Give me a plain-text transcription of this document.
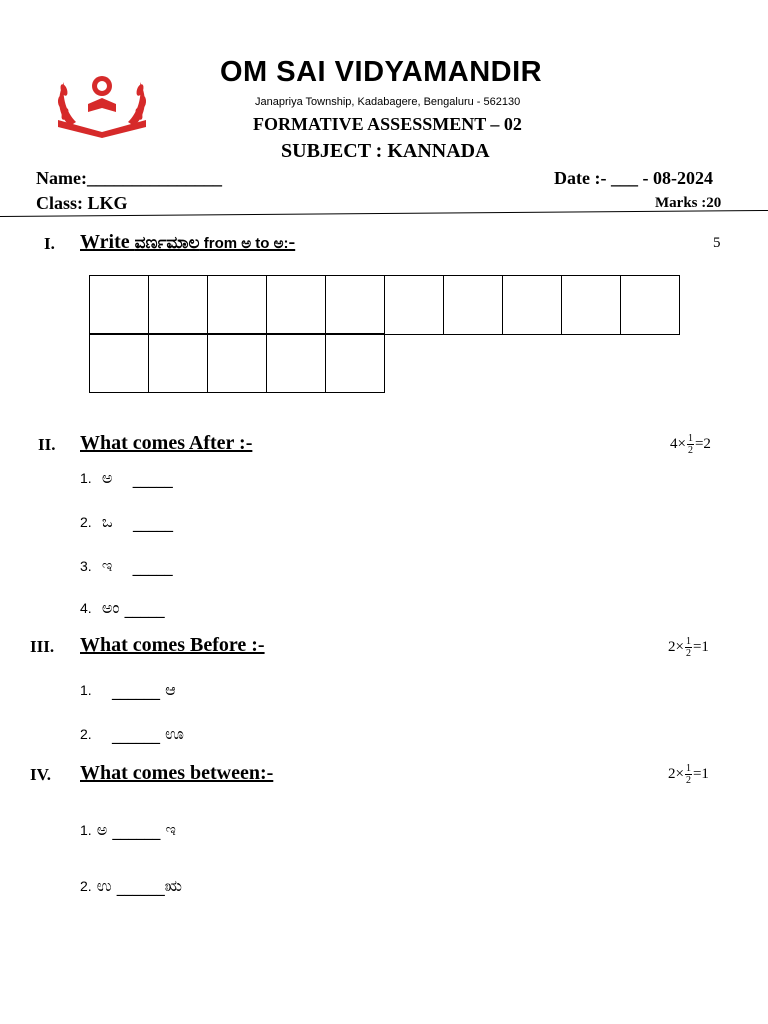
OM SAI VIDYAMANDIR
Janapriya Township, Kadabagere, Bengaluru - 562130
FORMATIVE ASSESSMENT – 02
SUBJECT : KANNADA
Name:_______________	Date :- ___ - 08-2024
Class: LKG	Marks :20
I. Write ವರ್ಣಮಾಲ from ಅ to ಅ:-	5
II. What comes After :-	$4\times \frac{1}{2} =2$
1.
ಅ
_____
2.
ಒ
_____
3.
ಇ
_____
4.
ಅಂ
_____
III. What comes Before :-	$2\times \frac{1}{2} =1$
1.
______
ಆ
2.
______
ಊ
IV. What comes between:-	$2\times \frac{1}{2} =1$
1.
ಅ
______
ಇ
2.
ಉ
______ ಋ
